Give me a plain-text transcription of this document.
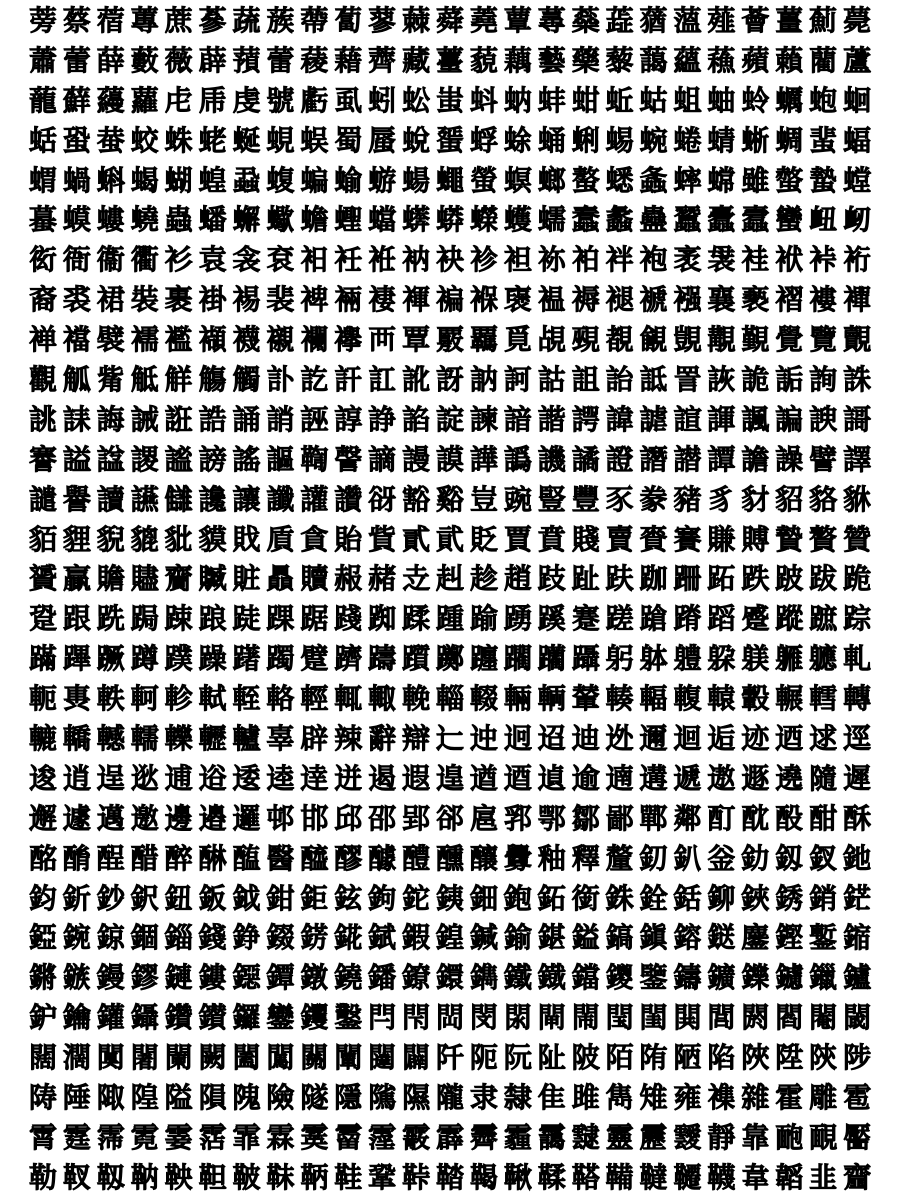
蒡 蔡 蓿 蓴 蔗 蔘 蔬 蔟 蔕 蔔 蓼 蕀 蕣 蕘 蕈 蕁 蘂 蕋 蕕 薀 薤 薈 薑 薊 薨
蕭 蕾 薛 藪 薇 薜 蕷 蕾 薐 藉 薺 藏 薹 藐 藕 藝 藥 藜 藹 蘊 蘓 蘋 藾 藺 蘆
蘢 蘚 蘰 蘿 虍 乕 虔 號 虧 虱 蚓 蚣 蚩 蚪 蚋 蚌 蚶 蚯 蛄 蛆 蚰 蛉 蠣 蚫 蛔
蛞 蛩 蛬 蛟 蛛 蛯 蜒 蜆 蜈 蜀 蜃 蛻 蜑 蜉 蜍 蛹 蜊 蜴 蜿 蜷 蜻 蜥 蜩 蜚 蝠
蝟 蝸 蝌 蝎 蝴 蝗 蝨 蝮 蝙 蝓 蝣 蝪 蠅 螢 螟 螂 螯 蟋 螽 蟀 蟐 雖 螫 蟄 螳
蟇 蟆 螻 蟯 蟲 蟠 蠏 蠍 蟾 蟶 蟷 蠎 蟒 蠑 蠖 蠕 蠢 蠡 蠱 蠶 蠹 蠧 蠻 衄 衂
衒 衙 衞 衢 衫 袁 衾 袞 衵 衽 袵 衲 袂 袗 袒 袮 袙 袢 袍 袤 袰 袿 袱 裃 裄
裔 裘 裙 裝 裹 褂 裼 裴 裨 裲 褄 褌 褊 褓 襃 褞 褥 褪 褫 襁 襄 褻 褶 褸 襌
褝 襠 襞 襦 襤 襭 襪 襯 襴 襷 襾 覃 覈 覊 覓 覘 覡 覩 覦 覬 覯 覲 覺 覽 覿
觀 觚 觜 觝 觧 觴 觸 訃 訖 訐 訌 訛 訝 訥 訶 詁 詛 詒 詆 詈 詼 詭 詬 詢 誅
誂 誄 誨 誡 誑 誥 誦 誚 誣 諄 諍 諂 諚 諫 諳 諧 諤 諱 謔 諠 諢 諷 諞 諛 謌
謇 謚 諡 謖 謐 謗 謠 謳 鞫 謦 謫 謾 謨 譁 譌 譏 譎 證 譖 譛 譚 譫 譟 譬 譯
譴 譽 讀 讌 讎 讒 讓 讖 讙 讚 谺 豁 谿 豈 豌 豎 豐 豕 豢 豬 豸 豺 貂 貉 貅
貊 貍 貎 貔 豼 貘 戝 貭 貪 貽 貲 貳 貮 貶 賈 賁 賤 賣 賚 賽 賺 賻 贄 贅 贊
贇 贏 贍 贐 齎 贓 賍 贔 贖 赧 赭 赱 赳 趁 趙 跂 趾 趺 跏 跚 跖 跌 跛 跋 跪
跫 跟 跣 跼 踈 踉 跿 踝 踞 踐 踟 蹂 踵 踰 踴 蹊 蹇 蹉 蹌 蹐 蹈 蹙 蹤 蹠 踪
蹣 蹕 蹶 蹲 蹼 躁 躇 躅 躄 躋 躊 躓 躑 躔 躙 躪 躡 躬 躰 軆 躱 躾 軅 軈 軋
軛 軣 軼 軻 軫 軾 輊 輅 輕 輒 輙 輓 輜 輟 輛 輌 輦 輳 輻 輹 轅 轂 輾 轌 轉
轆 轎 轗 轜 轢 轣 轤 辜 辟 辣 辭 辯 辷 迚 迥 迢 迪 迯 邇 迴 逅 迹 迺 逑 逕
逡 逍 逞 逖 逋 逧 逶 逵 逹 迸 遏 遐 遑 遒 逎 遉 逾 遖 遘 遞 遨 遯 遶 隨 遲
邂 遽 邁 邀 邊 邉 邏 邨 邯 邱 邵 郢 郤 扈 郛 鄂 鄒 鄙 鄲 鄰 酊 酖 酘 酣 酥
酩 酳 酲 醋 醉 醂 醢 醫 醯 醪 醵 醴 醺 釀 釁 釉 釋 釐 釖 釟 釡 釛 釼 釵 釶
鈞 釿 鈔 鈬 鈕 鈑 鉞 鉗 鉅 鉉 鉤 鉈 銕 鈿 鉋 鉐 銜 銖 銓 銛 鉚 鋏 銹 銷 鋩
錏 鋺 鍄 錮 錙 錢 錚 錣 錺 錵 錻 鍜 鍠 鍼 鍮 鍖 鎰 鎬 鎭 鎔 鎹 鏖 鏗 鏨 鏥
鏘 鏃 鏝 鏐 鏈 鏤 鐚 鐔 鐓 鐃 鐇 鐐 鐶 鐫 鐵 鐡 鐺 鑁 鑒 鑄 鑛 鑠 鑢 鑞 鑪
鈩 鑰 鑵 鑷 鑽 鑚 鑼 鑾 钁 鑿 閂 閇 閊 閔 閖 閘 閙 閠 閨 閧 閭 閼 閻 閹 閾
闊 濶 闃 闍 闌 闕 闔 闖 關 闡 闥 闢 阡 阨 阮 阯 陂 陌 陏 陋 陷 陜 陞 陝 陟
陦 陲 陬 隍 隘 隕 隗 險 隧 隱 隲 隰 隴 隶 隸 隹 雎 雋 雉 雍 襍 雜 霍 雕 雹
霄 霆 霈 霓 霎 霑 霏 霖 霙 霤 霪 霰 霹 霽 霾 靄 靆 靈 靂 靉 靜 靠 靤 靦 靨
勒 靫 靱 靹 鞅 靼 鞁 靺 鞆 鞋 鞏 鞐 鞜 鞨 鞦 鞣 鞳 鞴 韃 韆 韈 韋 韜 韭 齏
